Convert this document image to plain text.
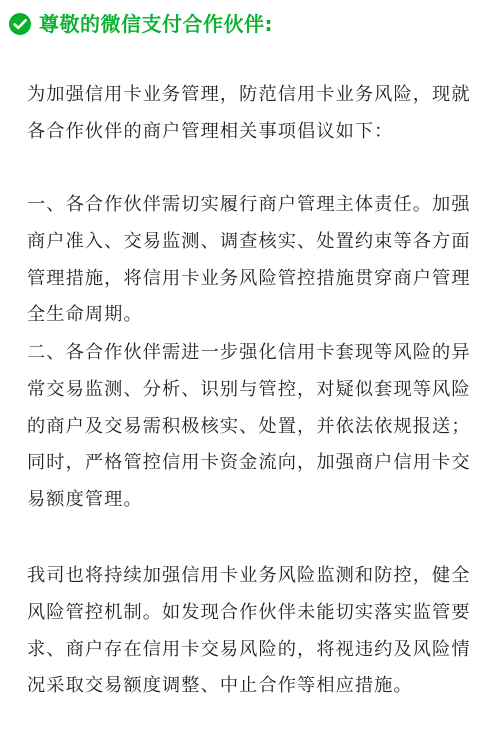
尊敬的微信支付合作伙伴:

为加强信用卡业务管理，防范信用卡业务风险，现就各合作伙伴的商户管理相关事项倡议如下：

一、各合作伙伴需切实履行商户管理主体责任。加强商户准入、交易监测、调查核实、处置约束等各方面管理措施，将信用卡业务风险管控措施贯穿商户管理全生命周期。

二、各合作伙伴需进一步强化信用卡套现等风险的异常交易监测、分析、识别与管控，对疑似套现等风险的商户及交易需积极核实、处置，并依法依规报送；同时，严格管控信用卡资金流向，加强商户信用卡交易额度管理。

我司也将持续加强信用卡业务风险监测和防控，健全风险管控机制。如发现合作伙伴未能切实落实监管要求、商户存在信用卡交易风险的，将视违约及风险情况采取交易额度调整、中止合作等相应措施。
